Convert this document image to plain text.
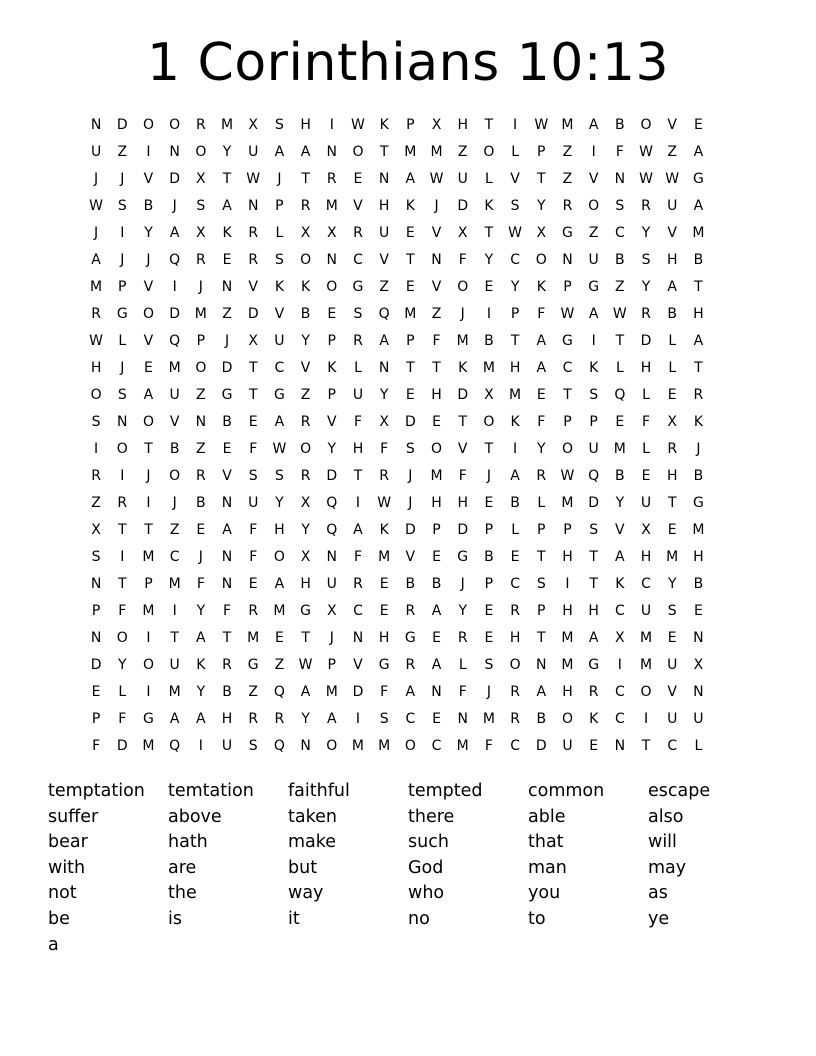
1 Corinthians 10:13
N D O O R M X S H I W K P X H T I W M A B O V E
U Z I N O Y U A A N O T M M Z O L P Z I F W Z A
J J V D X T W J T R E N A W U L V T Z V N W W G
W S B J S A N P R M V H K J D K S Y R O S R U A
J I Y A X K R L X X R U E V X T W X G Z C Y V M
A J J Q R E R S O N C V T N F Y C O N U B S H B
M P V I J N V K K O G Z E V O E Y K P G Z Y A T
R G O D M Z D V B E S Q M Z J I P F W A W R B H
W L V Q P J X U Y P R A P F M B T A G I T D L A
H J E M O D T C V K L N T T K M H A C K L H L T
O S A U Z G T G Z P U Y E H D X M E T S Q L E R
S N O V N B E A R V F X D E T O K F P P E F X K
I O T B Z E F W O Y H F S O V T I Y O U M L R J
R I J O R V S S R D T R J M F J A R W Q B E H B
Z R I J B N U Y X Q I W J H H E B L M D Y U T G
X T T Z E A F H Y Q A K D P D P L P P S V X E M
S I M C J N F O X N F M V E G B E T H T A H M H
N T P M F N E A H U R E B B J P C S I T K C Y B
P F M I Y F R M G X C E R A Y E R P H H C U S E
N O I T A T M E T J N H G E R E H T M A X M E N
D Y O U K R G Z W P V G R A L S O N M G I M U X
E L I M Y B Z Q A M D F A N F J R A H R C O V N
P F G A A H R R Y A I S C E N M R B O K C I U U
F D M Q I U S Q N O M M O C M F C D U E N T C L
temptation temtation faithful	tempted	common	escape
suffer	above	taken	there	able	also
bear	hath	make	such	that	will
with	are	but	God	man	may
not	the	way	who	you	as
be	is	it	no	to	ye
a
